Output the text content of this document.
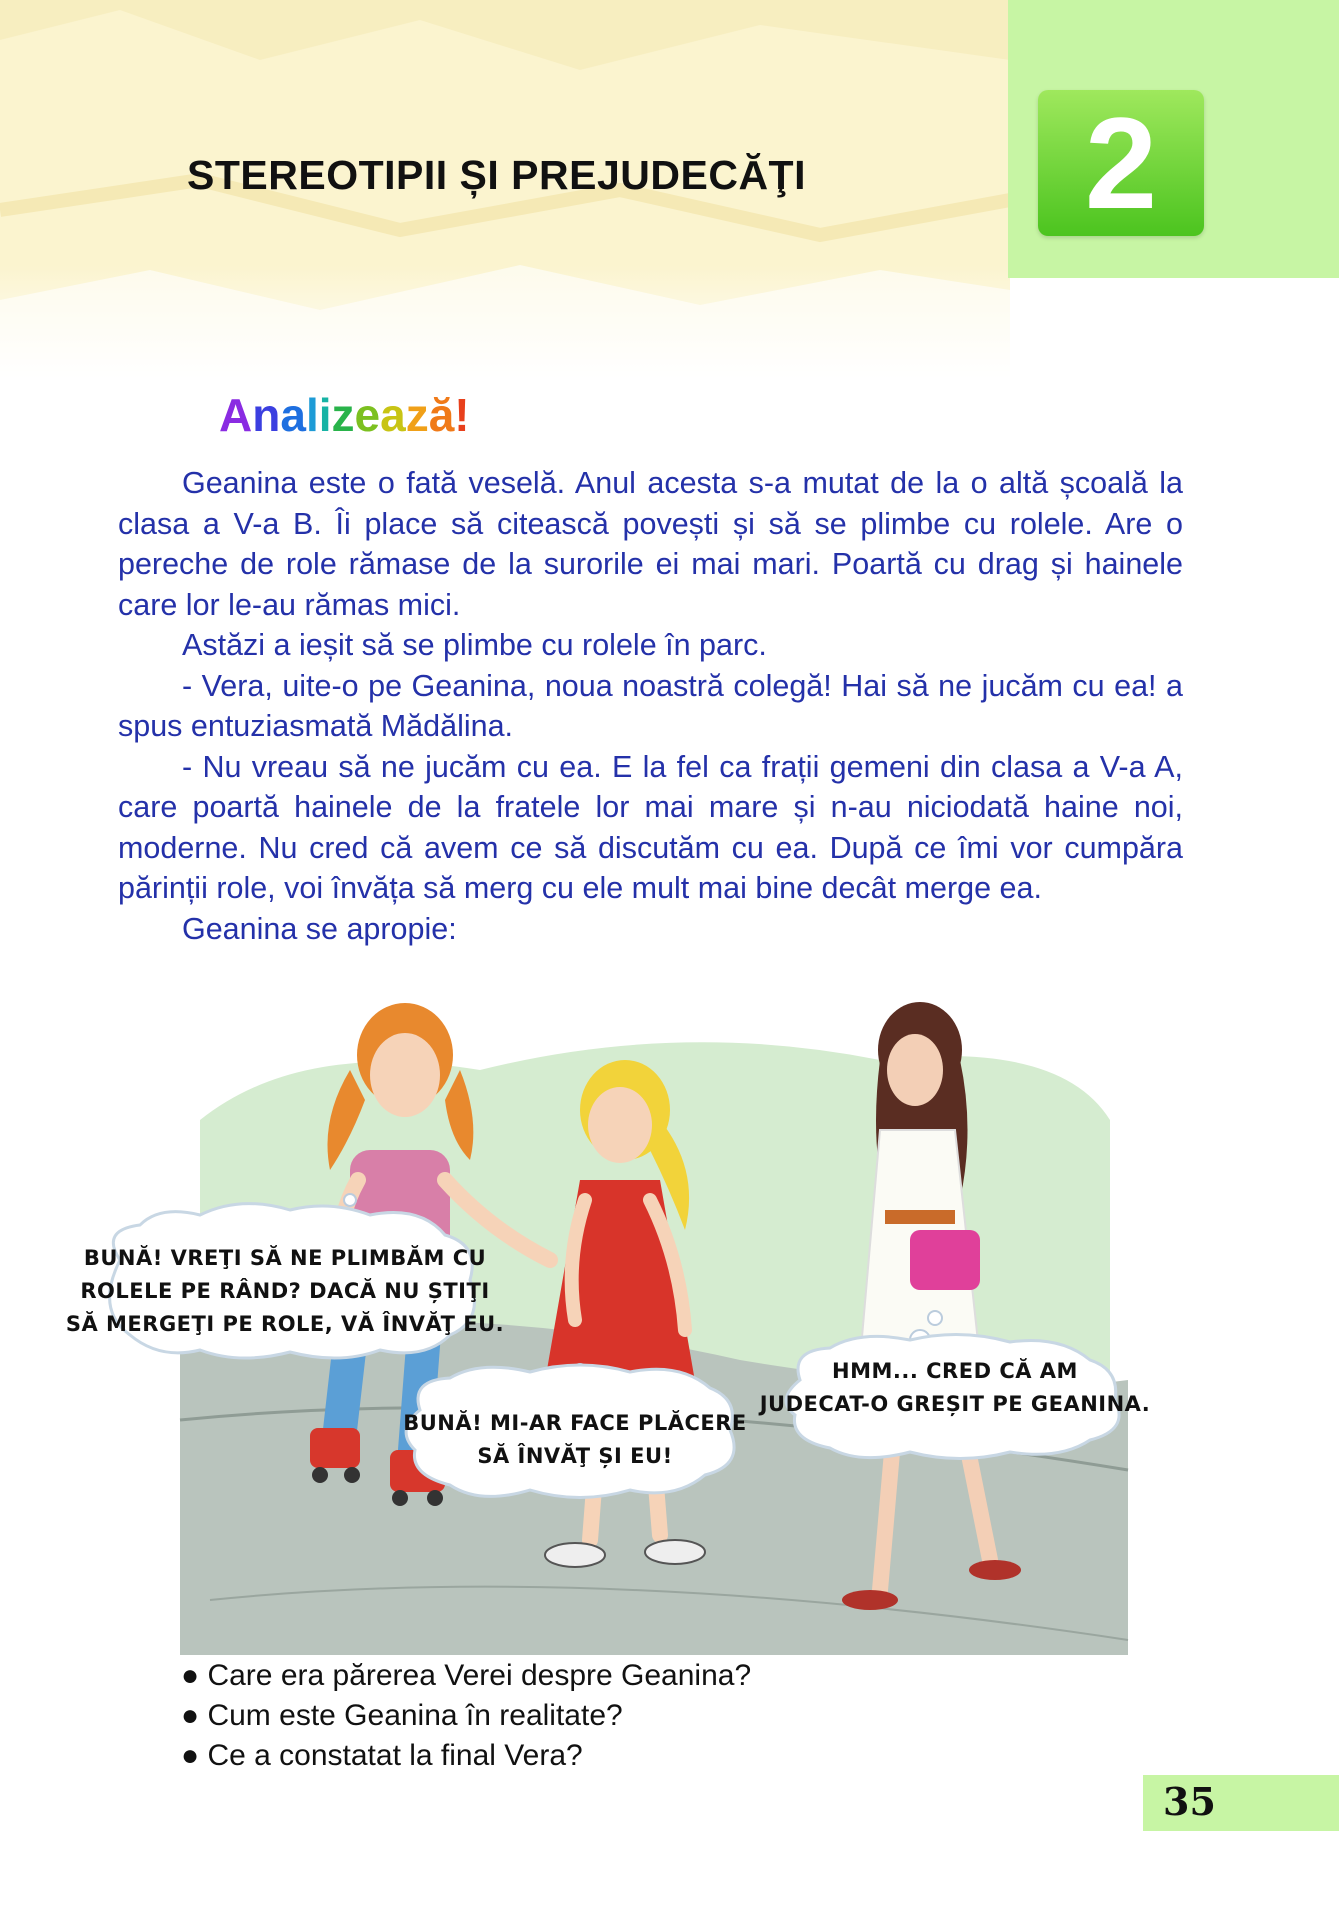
2
STEREOTIPII ȘI PREJUDECĂŢI
Analizează!

Geanina este o fată veselă. Anul acesta s-a mutat de la o altă școală la clasa a V-a B. Îi place să citească povești și să se plimbe cu rolele. Are o pereche de role rămase de la surorile ei mai mari. Poartă cu drag și hainele care lor le-au rămas mici.

Astăzi a ieșit să se plimbe cu rolele în parc.

- Vera, uite-o pe Geanina, noua noastră colegă! Hai să ne jucăm cu ea! a spus entuziasmată Mădălina.

- Nu vreau să ne jucăm cu ea. E la fel ca frații gemeni din clasa a V-a A, care poartă hainele de la fratele lor mai mare și n-au niciodată haine noi, moderne. Nu cred că avem ce să discutăm cu ea. După ce îmi vor cumpăra părinții role, voi învăța să merg cu ele mult mai bine decât merge ea.

Geanina se apropie:

BUNĂ! VREŢI SĂ NE PLIMBĂM CU
ROLELE PE RÂND? DACĂ NU ȘTIŢI
SĂ MERGEŢI PE ROLE, VĂ ÎNVĂŢ EU.
BUNĂ! MI-AR FACE PLĂCERE
SĂ ÎNVĂŢ ȘI EU!
HMM... CRED CĂ AM
JUDECAT-O GREȘIT PE GEANINA.
● Care era părerea Verei despre Geanina?
● Cum este Geanina în realitate?
● Ce a constatat la final Vera?
35
